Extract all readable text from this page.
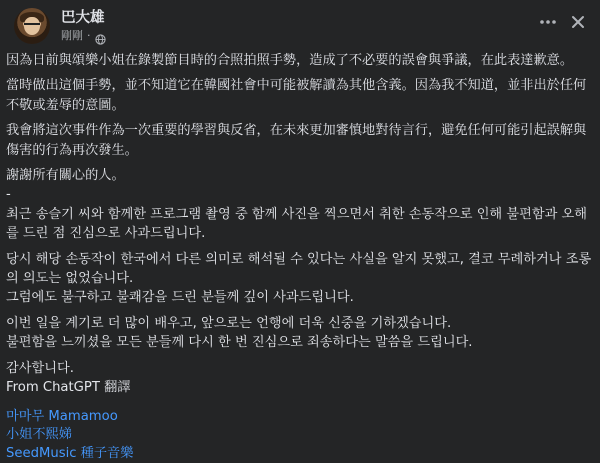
巴大雄
剛剛 ·

因為日前與頌樂小姐在錄製節目時的合照拍照手勢，造成了不必要的誤會與爭議，在此表達歉意。

當時做出這個手勢，並不知道它在韓國社會中可能被解讀為其他含義。因為我不知道，並非出於任何不敬或羞辱的意圖。

我會將這次事件作為一次重要的學習與反省，在未來更加審慎地對待言行，避免任何可能引起誤解與傷害的行為再次發生。

謝謝所有關心的人。

-

최근 송슬기 씨와 함께한 프로그램 촬영 중 함께 사진을 찍으면서 취한 손동작으로 인해 불편함과 오해를 드린 점 진심으로 사과드립니다.

당시 해당 손동작이 한국에서 다른 의미로 해석될 수 있다는 사실을 알지 못했고, 결코 무례하거나 조롱의 의도는 없었습니다.

그럼에도 불구하고 불쾌감을 드린 분들께 깊이 사과드립니다.

이번 일을 계기로 더 많이 배우고, 앞으로는 언행에 더욱 신중을 기하겠습니다.

불편함을 느끼셨을 모든 분들께 다시 한 번 진심으로 죄송하다는 말씀을 드립니다.

감사합니다.

From ChatGPT 翻譯

마마무 Mamamoo
小姐不熙娣
SeedMusic 種子音樂
